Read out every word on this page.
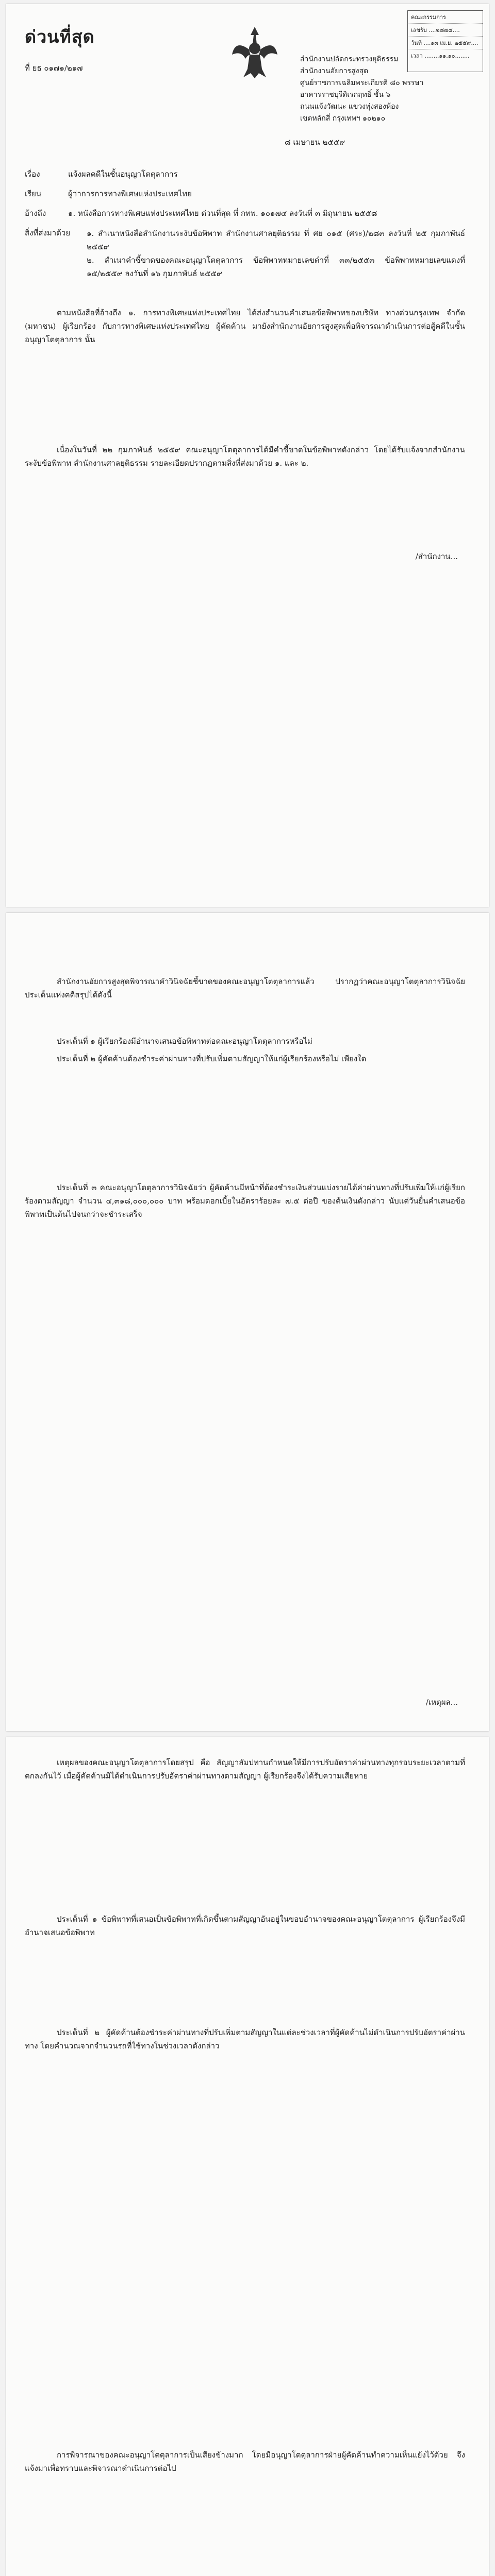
คณะกรรมการ
เลขรับ ....๒๘๗๔....
วันที่ ....๑๓ เม.ย. ๒๕๕๙....
เวลา ........๑๑.๑๐........
ด่วนที่สุด
ที่ ยธ ๐๑๗๑/๒๑๗
สำนักงานปลัดกระทรวงยุติธรรม
สำนักงานอัยการสูงสุด
ศูนย์ราชการเฉลิมพระเกียรติ ๘๐ พรรษา
อาคารราชบุรีดิเรกฤทธิ์ ชั้น ๖
ถนนแจ้งวัฒนะ แขวงทุ่งสองห้อง
เขตหลักสี่ กรุงเทพฯ ๑๐๒๑๐
๘ เมษายน ๒๕๕๙
เรื่อง	แจ้งผลคดีในชั้นอนุญาโตตุลาการ
เรียน	ผู้ว่าการการทางพิเศษแห่งประเทศไทย
อ้างถึง	๑. หนังสือการทางพิเศษแห่งประเทศไทย ด่วนที่สุด ที่ กทพ. ๑๐๑๗๔ ลงวันที่ ๓ มิถุนายน ๒๕๕๘
สิ่งที่ส่งมาด้วย ๑. สำเนาหนังสือสำนักงานระงับข้อพิพาท สำนักงานศาลยุติธรรม ที่ ศย ๐๑๕ (ศระ)/๒๘๓ ลงวันที่ ๒๕ กุมภาพันธ์ ๒๕๕๙
๒. สำเนาคำชี้ขาดของคณะอนุญาโตตุลาการ ข้อพิพาทหมายเลขดำที่ ๓๓/๒๕๕๓ ข้อพิพาทหมายเลขแดงที่ ๑๕/๒๕๕๙ ลงวันที่ ๑๖ กุมภาพันธ์ ๒๕๕๙
ตามหนังสือที่อ้างถึง ๑. การทางพิเศษแห่งประเทศไทย ได้ส่งสำนวนคำเสนอข้อพิพาทของบริษัท ทางด่วนกรุงเทพ จำกัด (มหาชน) ผู้เรียกร้อง กับการทางพิเศษแห่งประเทศไทย ผู้คัดค้าน มายังสำนักงานอัยการสูงสุดเพื่อพิจารณาดำเนินการต่อสู้คดีในชั้นอนุญาโตตุลาการ นั้น
เนื่องในวันที่ ๒๒ กุมภาพันธ์ ๒๕๕๙ คณะอนุญาโตตุลาการได้มีคำชี้ขาดในข้อพิพาทดังกล่าว โดยได้รับแจ้งจากสำนักงานระงับข้อพิพาท สำนักงานศาลยุติธรรม รายละเอียดปรากฏตามสิ่งที่ส่งมาด้วย ๑. และ ๒.
/สำนักงาน...
สำนักงานอัยการสูงสุดพิจารณาคำวินิจฉัยชี้ขาดของคณะอนุญาโตตุลาการแล้ว ปรากฏว่าคณะอนุญาโตตุลาการวินิจฉัยประเด็นแห่งคดีสรุปได้ดังนี้
ประเด็นที่ ๑ ผู้เรียกร้องมีอำนาจเสนอข้อพิพาทต่อคณะอนุญาโตตุลาการหรือไม่
ประเด็นที่ ๒ ผู้คัดค้านต้องชำระค่าผ่านทางที่ปรับเพิ่มตามสัญญาให้แก่ผู้เรียกร้องหรือไม่ เพียงใด
ประเด็นที่ ๓ คณะอนุญาโตตุลาการวินิจฉัยว่า ผู้คัดค้านมีหน้าที่ต้องชำระเงินส่วนแบ่งรายได้ค่าผ่านทางที่ปรับเพิ่มให้แก่ผู้เรียกร้องตามสัญญา จำนวน ๔,๓๑๘,๐๐๐,๐๐๐ บาท พร้อมดอกเบี้ยในอัตราร้อยละ ๗.๕ ต่อปี ของต้นเงินดังกล่าว นับแต่วันยื่นคำเสนอข้อพิพาทเป็นต้นไปจนกว่าจะชำระเสร็จ
/เหตุผล...
เหตุผลของคณะอนุญาโตตุลาการโดยสรุป คือ สัญญาสัมปทานกำหนดให้มีการปรับอัตราค่าผ่านทางทุกรอบระยะเวลาตามที่ตกลงกันไว้ เมื่อผู้คัดค้านมิได้ดำเนินการปรับอัตราค่าผ่านทางตามสัญญา ผู้เรียกร้องจึงได้รับความเสียหาย
ประเด็นที่ ๑ ข้อพิพาทที่เสนอเป็นข้อพิพาทที่เกิดขึ้นตามสัญญาอันอยู่ในขอบอำนาจของคณะอนุญาโตตุลาการ ผู้เรียกร้องจึงมีอำนาจเสนอข้อพิพาท
ประเด็นที่ ๒ ผู้คัดค้านต้องชำระค่าผ่านทางที่ปรับเพิ่มตามสัญญาในแต่ละช่วงเวลาที่ผู้คัดค้านไม่ดำเนินการปรับอัตราค่าผ่านทาง โดยคำนวณจากจำนวนรถที่ใช้ทางในช่วงเวลาดังกล่าว
การพิจารณาของคณะอนุญาโตตุลาการเป็นเสียงข้างมาก โดยมีอนุญาโตตุลาการฝ่ายผู้คัดค้านทำความเห็นแย้งไว้ด้วย จึงแจ้งมาเพื่อทราบและพิจารณาดำเนินการต่อไป
